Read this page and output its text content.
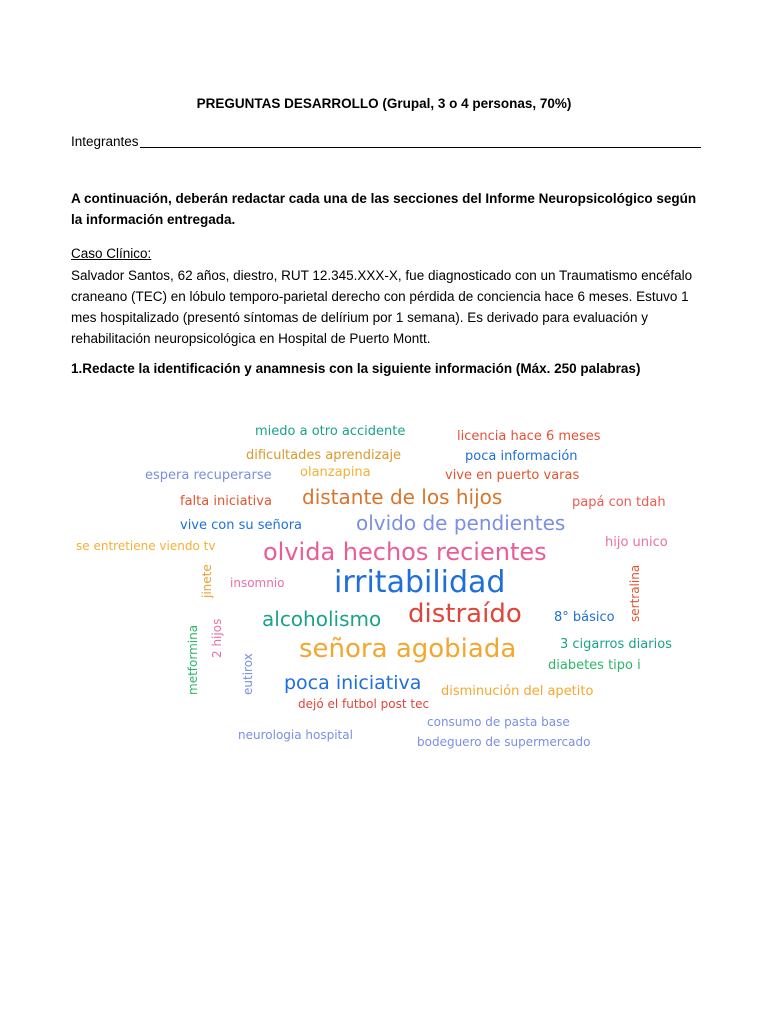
PREGUNTAS DESARROLLO (Grupal, 3 o 4 personas, 70%)
Integrantes
A continuación, deberán redactar cada una de las secciones del Informe Neuropsicológico según la información entregada.
Caso Clínico:
Salvador Santos, 62 años, diestro, RUT 12.345.XXX-X, fue diagnosticado con un Traumatismo encéfalo craneano (TEC) en lóbulo temporo-parietal derecho con pérdida de conciencia hace 6 meses. Estuvo 1 mes hospitalizado (presentó síntomas de delírium por 1 semana). Es derivado para evaluación y rehabilitación neuropsicológica en Hospital de Puerto Montt.
1.Redacte la identificación y anamnesis con la siguiente información (Máx. 250 palabras)
miedo a otro accidente	licencia hace 6 meses
dificultades aprendizaje	poca información
espera recuperarse olanzapina	vive en puerto varas
falta iniciativa distante de los hijos	papá con tdah
vive con su señora	olvido de pendientes
se entretiene viendo tv	hijo unico
olvida hechos recientes
jinete insomnio irritabilidad	sertralina
alcoholismo distraído 8° básico
metformina 2 hijos	señora agobiada	3 cigarros diarios
eutirox	diabetes tipo i
poca iniciativa disminución del apetito
dejó el futbol post tec
consumo de pasta base
neurologia hospital	bodeguero de supermercado
